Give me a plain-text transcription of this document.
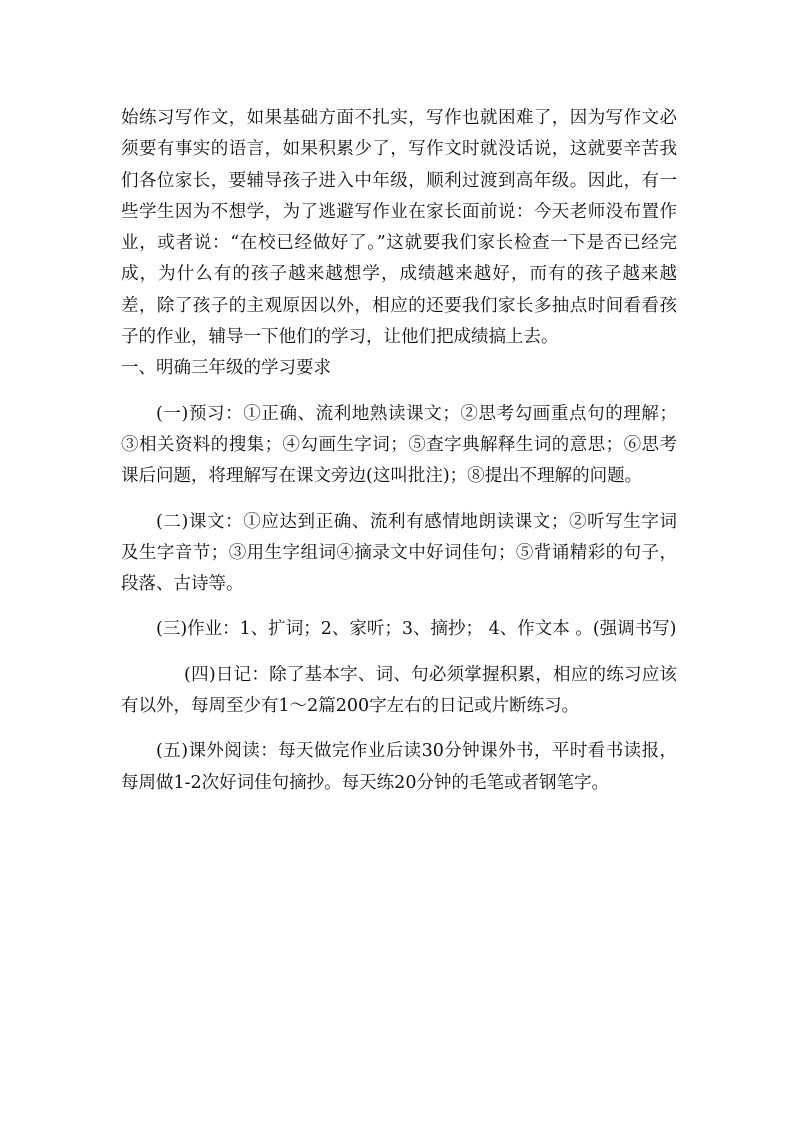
始练习写作文，如果基础方面不扎实，写作也就困难了，因为写作文必须要有事实的语言，如果积累少了，写作文时就没话说，这就要辛苦我们各位家长，要辅导孩子进入中年级，顺利过渡到高年级。因此，有一些学生因为不想学，为了逃避写作业在家长面前说：今天老师没布置作业，或者说：“在校已经做好了。”这就要我们家长检查一下是否已经完成，为什么有的孩子越来越想学，成绩越来越好，而有的孩子越来越差，除了孩子的主观原因以外，相应的还要我们家长多抽点时间看看孩子的作业，辅导一下他们的学习，让他们把成绩搞上去。

一、明确三年级的学习要求

(一)预习：①正确、流利地熟读课文；②思考勾画重点句的理解；③相关资料的搜集；④勾画生字词；⑤查字典解释生词的意思；⑥思考课后问题，将理解写在课文旁边(这叫批注)；⑧提出不理解的问题。

(二)课文：①应达到正确、流利有感情地朗读课文；②听写生字词及生字音节；③用生字组词④摘录文中好词佳句；⑤背诵精彩的句子，段落、古诗等。

(三)作业：1、扩词；2、家听；3、摘抄； 4、作文本 。(强调书写)

(四)日记：除了基本字、词、句必须掌握积累，相应的练习应该有以外，每周至少有1～2篇200字左右的日记或片断练习。

(五)课外阅读：每天做完作业后读30分钟课外书，平时看书读报，每周做1-2次好词佳句摘抄。每天练20分钟的毛笔或者钢笔字。
